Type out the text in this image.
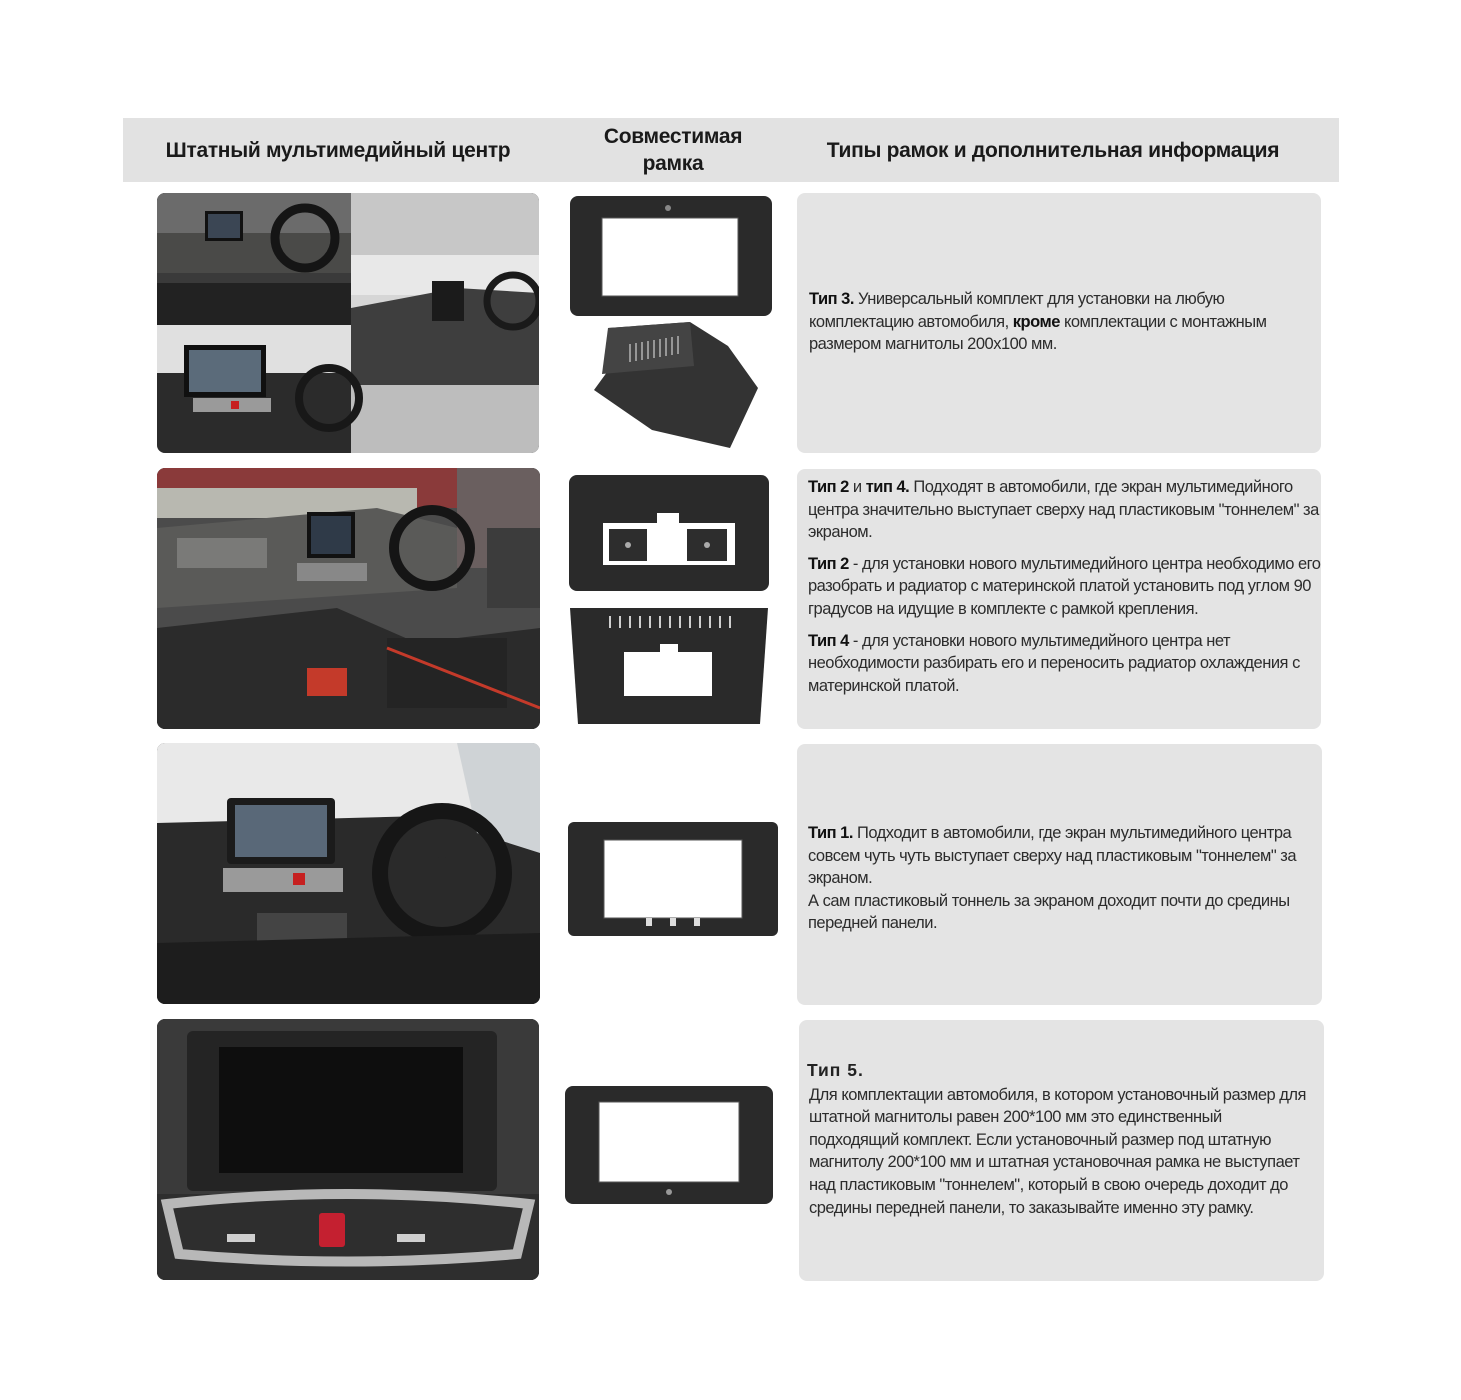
Штатный мультимедийный центр
Совместимая
рамка
Типы рамок и дополнительная информация

Тип 3. Универсальный комплект для установки на любую комплектацию автомобиля, кроме комплектации с монтажным размером магнитолы 200х100 мм.

Тип 2 и тип 4. Подходят в автомобили, где экран мультимедийного центра значительно выступает сверху над пластиковым "тоннелем" за экраном.

Тип 2 - для установки нового мультимедийного центра необходимо его разобрать и радиатор с материнской платой установить под углом 90 градусов на идущие в комплекте с рамкой крепления.

Тип 4 - для установки нового мультимедийного центра нет необходимости разбирать его и переносить радиатор охлаждения с материнской платой.

Тип 1. Подходит в автомобили, где экран мультимедийного центра совсем чуть чуть выступает сверху над пластиковым "тоннелем" за экраном.

А сам пластиковый тоннель за экраном доходит почти до средины передней панели.

Тип 5.

Для комплектации автомобиля, в котором установочный размер для штатной магнитолы равен 200*100 мм это единственный подходящий комплект. Если установочный размер под штатную магнитолу 200*100 мм и штатная установочная рамка не выступает над пластиковым "тоннелем", который в свою очередь доходит до средины передней панели, то заказывайте именно эту рамку.
